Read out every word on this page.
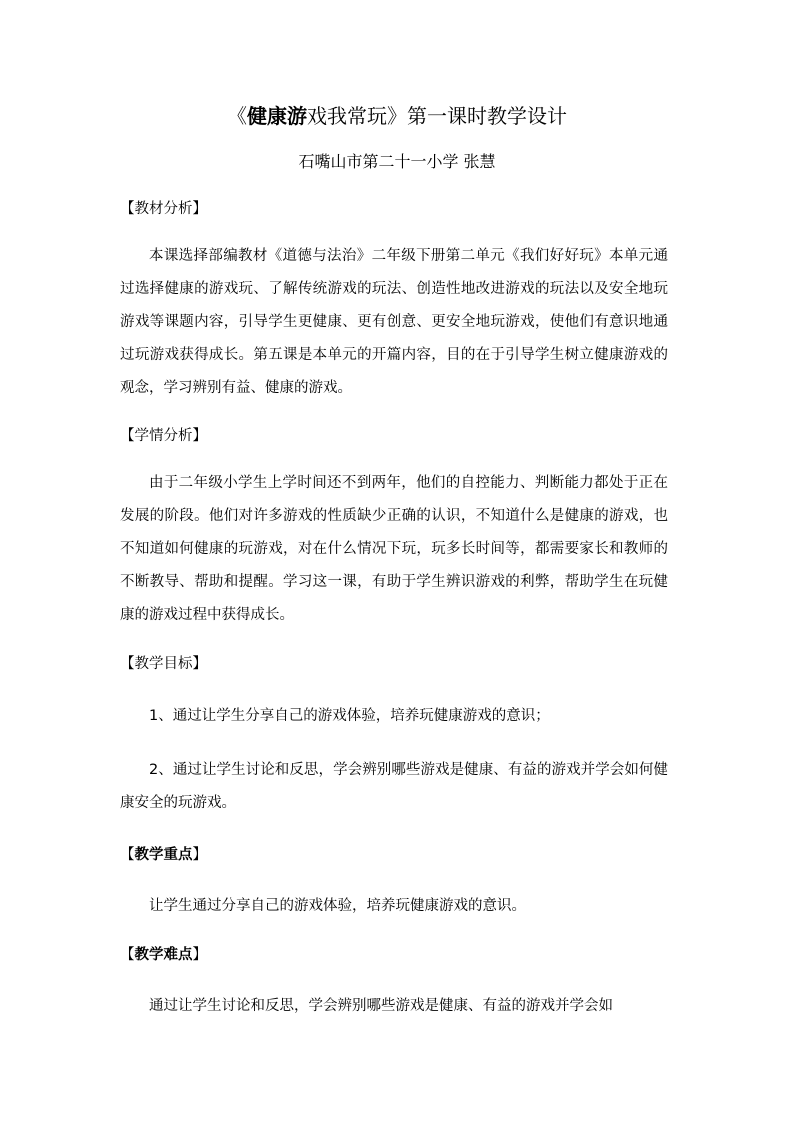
《健康游戏我常玩》第一课时教学设计
石嘴山市第二十一小学 张慧
【教材分析】
本课选择部编教材《道德与法治》二年级下册第二单元《我们好好玩》本单元通过选择健康的游戏玩、了解传统游戏的玩法、创造性地改进游戏的玩法以及安全地玩游戏等课题内容，引导学生更健康、更有创意、更安全地玩游戏，使他们有意识地通过玩游戏获得成长。第五课是本单元的开篇内容，目的在于引导学生树立健康游戏的观念，学习辨别有益、健康的游戏。
【学情分析】
由于二年级小学生上学时间还不到两年，他们的自控能力、判断能力都处于正在发展的阶段。他们对许多游戏的性质缺少正确的认识，不知道什么是健康的游戏，也不知道如何健康的玩游戏，对在什么情况下玩，玩多长时间等，都需要家长和教师的不断教导、帮助和提醒。学习这一课，有助于学生辨识游戏的利弊，帮助学生在玩健康的游戏过程中获得成长。
【教学目标】
1、通过让学生分享自己的游戏体验，培养玩健康游戏的意识；
2、通过让学生讨论和反思，学会辨别哪些游戏是健康、有益的游戏并学会如何健康安全的玩游戏。
【教学重点】
让学生通过分享自己的游戏体验，培养玩健康游戏的意识。
【教学难点】
通过让学生讨论和反思，学会辨别哪些游戏是健康、有益的游戏并学会如
